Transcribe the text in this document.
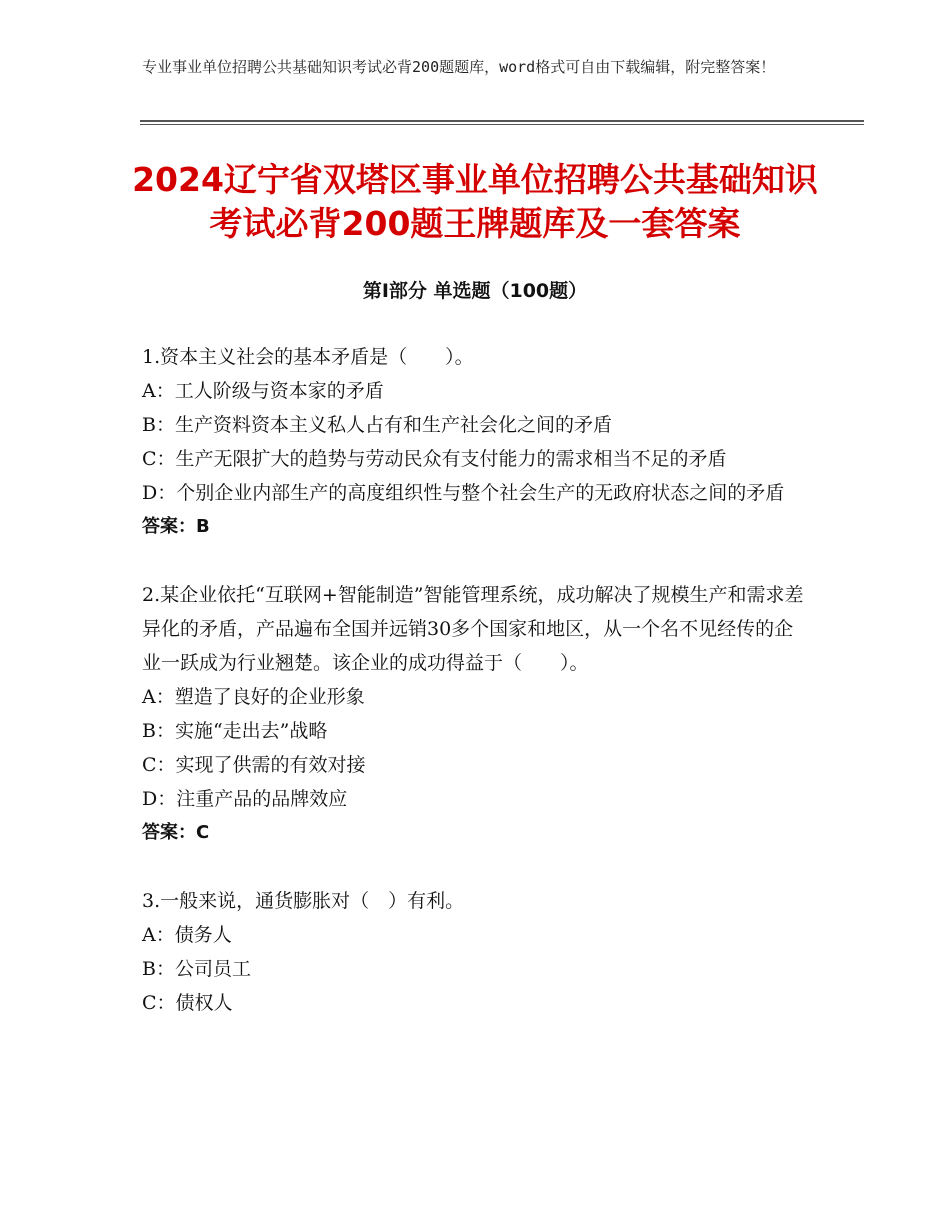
专业事业单位招聘公共基础知识考试必背200题题库，word格式可自由下载编辑，附完整答案！
2024辽宁省双塔区事业单位招聘公共基础知识考试必背200题王牌题库及一套答案
第Ⅰ部分 单选题（100题）

1.资本主义社会的基本矛盾是（　　）。

A：工人阶级与资本家的矛盾

B：生产资料资本主义私人占有和生产社会化之间的矛盾

C：生产无限扩大的趋势与劳动民众有支付能力的需求相当不足的矛盾

D：个别企业内部生产的高度组织性与整个社会生产的无政府状态之间的矛盾

答案：B

2.某企业依托“互联网+智能制造”智能管理系统，成功解决了规模生产和需求差异化的矛盾，产品遍布全国并远销30多个国家和地区，从一个名不见经传的企业一跃成为行业翘楚。该企业的成功得益于（　　）。

A：塑造了良好的企业形象

B：实施“走出去”战略

C：实现了供需的有效对接

D：注重产品的品牌效应

答案：C

3.一般来说，通货膨胀对（　）有利。

A：债务人

B：公司员工

C：债权人
